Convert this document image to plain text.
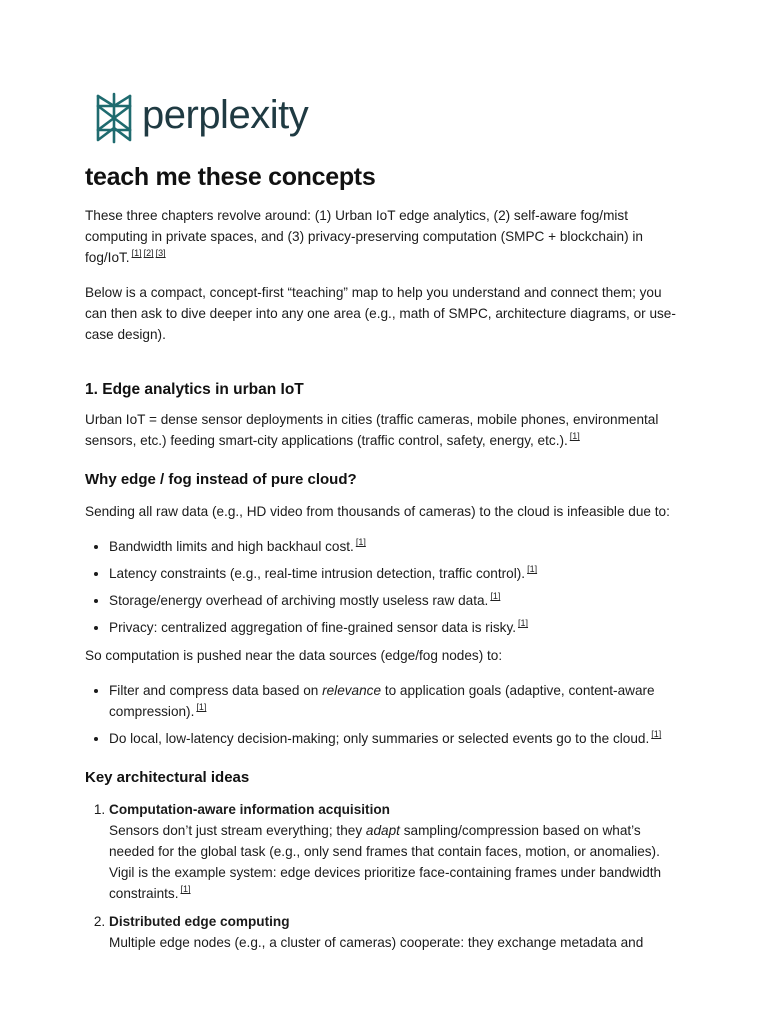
perplexity
teach me these concepts

These three chapters revolve around: (1) Urban IoT edge analytics, (2) self-aware fog/mist computing in private spaces, and (3) privacy-preserving computation (SMPC + blockchain) in fog/IoT. [1] [2] [3]

Below is a compact, concept-first “teaching” map to help you understand and connect them; you can then ask to dive deeper into any one area (e.g., math of SMPC, architecture diagrams, or use-case design).

1. Edge analytics in urban IoT

Urban IoT = dense sensor deployments in cities (traffic cameras, mobile phones, environmental sensors, etc.) feeding smart-city applications (traffic control, safety, energy, etc.). [1]

Why edge / fog instead of pure cloud?

Sending all raw data (e.g., HD video from thousands of cameras) to the cloud is infeasible due to:

• Bandwidth limits and high backhaul cost. [1]
• Latency constraints (e.g., real-time intrusion detection, traffic control). [1]
• Storage/energy overhead of archiving mostly useless raw data. [1]
• Privacy: centralized aggregation of fine-grained sensor data is risky. [1]

So computation is pushed near the data sources (edge/fog nodes) to:

• Filter and compress data based on relevance to application goals (adaptive, content-aware compression). [1]
• Do local, low-latency decision-making; only summaries or selected events go to the cloud. [1]
Key architectural ideas
1. Computation-aware information acquisition
Sensors don’t just stream everything; they adapt sampling/compression based on what’s needed for the global task (e.g., only send frames that contain faces, motion, or anomalies). Vigil is the example system: edge devices prioritize face-containing frames under bandwidth constraints. [1]
2. Distributed edge computing
Multiple edge nodes (e.g., a cluster of cameras) cooperate: they exchange metadata and
